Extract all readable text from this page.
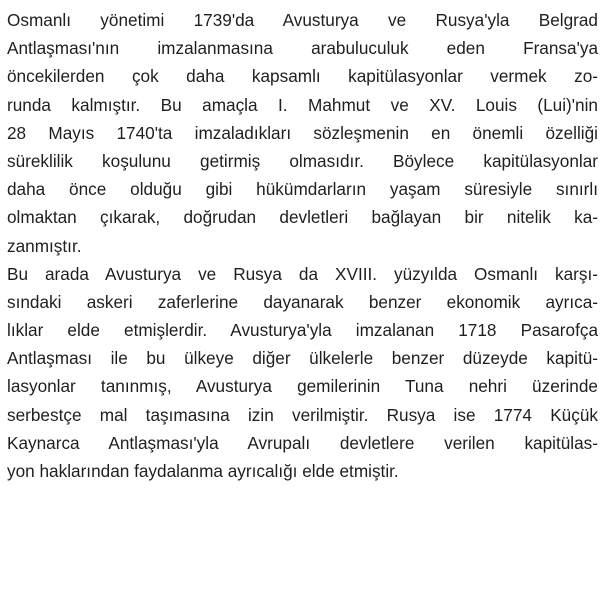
Osmanlı yönetimi 1739'da Avusturya ve Rusya'yla Belgrad
Antlaşması'nın imzalanmasına arabuluculuk eden Fransa'ya
öncekilerden çok daha kapsamlı kapitülasyonlar vermek zo-
runda kalmıştır. Bu amaçla I. Mahmut ve XV. Louis (Lui)'nin
28 Mayıs 1740'ta imzaladıkları sözleşmenin en önemli özelliği
süreklilik koşulunu getirmiş olmasıdır. Böylece kapitülasyonlar
daha önce olduğu gibi hükümdarların yaşam süresiyle sınırlı
olmaktan çıkarak, doğrudan devletleri bağlayan bir nitelik ka-
zanmıştır.
Bu arada Avusturya ve Rusya da XVIII. yüzyılda Osmanlı karşı-
sındaki askeri zaferlerine dayanarak benzer ekonomik ayrıca-
lıklar elde etmişlerdir. Avusturya'yla imzalanan 1718 Pasarofça
Antlaşması ile bu ülkeye diğer ülkelerle benzer düzeyde kapitü-
lasyonlar tanınmış, Avusturya gemilerinin Tuna nehri üzerinde
serbestçe mal taşımasına izin verilmiştir. Rusya ise 1774 Küçük
Kaynarca Antlaşması'yla Avrupalı devletlere verilen kapitülas-
yon haklarından faydalanma ayrıcalığı elde etmiştir.
